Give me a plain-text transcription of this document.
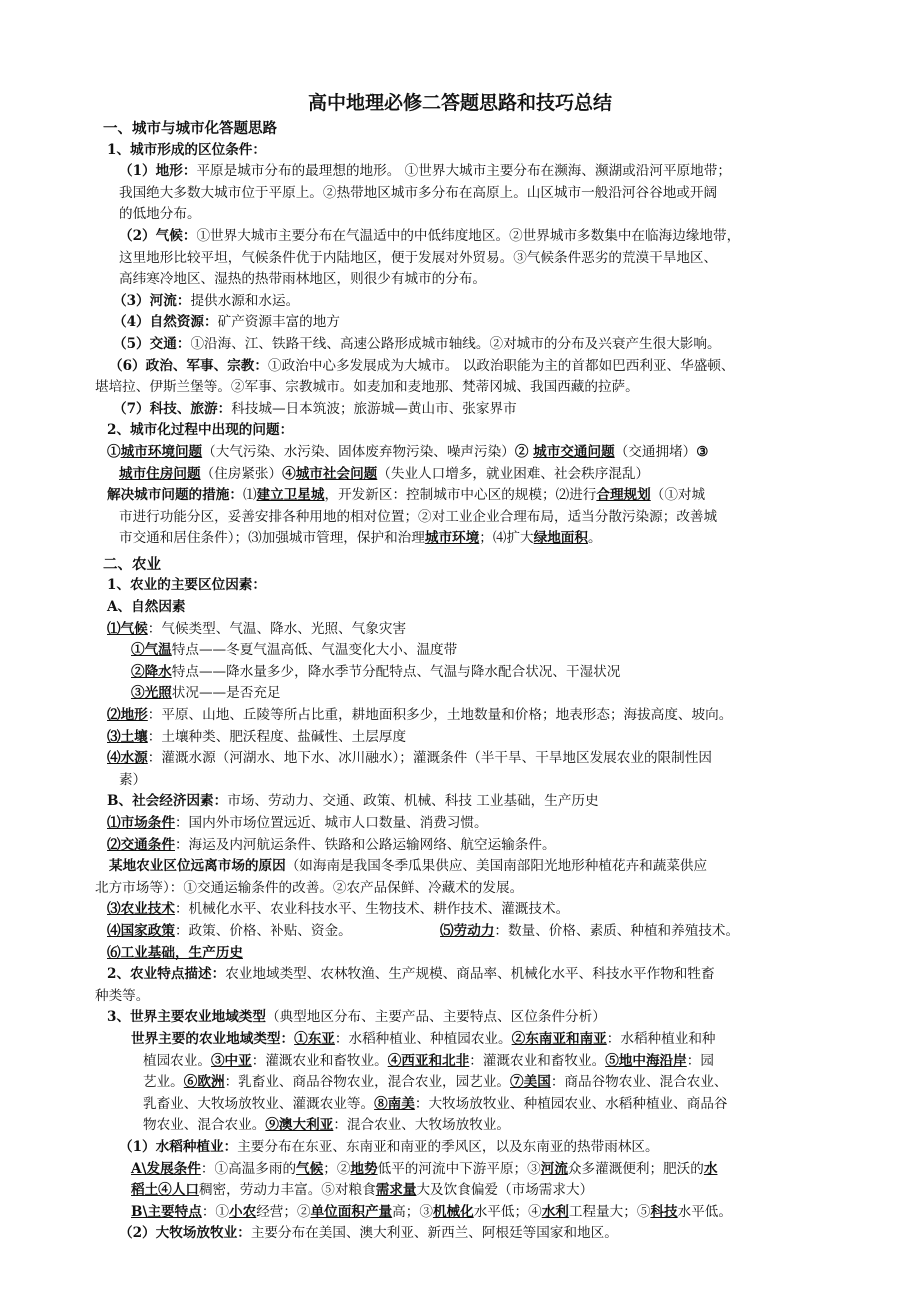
高中地理必修二答题思路和技巧总结
一、城市与城市化答题思路
1、城市形成的区位条件：
（1）地形：平原是城市分布的最理想的地形。 ①世界大城市主要分布在濒海、濒湖或沿河平原地带；
我国绝大多数大城市位于平原上。②热带地区城市多分布在高原上。山区城市一般沿河谷谷地或开阔
的低地分布。
（2）气候：①世界大城市主要分布在气温适中的中低纬度地区。②世界城市多数集中在临海边缘地带，
这里地形比较平坦，气候条件优于内陆地区，便于发展对外贸易。③气候条件恶劣的荒漠干旱地区、
高纬寒冷地区、湿热的热带雨林地区，则很少有城市的分布。
（3）河流：提供水源和水运。
（4）自然资源：矿产资源丰富的地方
（5）交通：①沿海、江、铁路干线、高速公路形成城市轴线。②对城市的分布及兴衰产生很大影响。
（6）政治、军事、宗教：①政治中心多发展成为大城市。 以政治职能为主的首都如巴西利亚、华盛顿、
堪培拉、伊斯兰堡等。②军事、宗教城市。如麦加和麦地那、梵蒂冈城、我国西藏的拉萨。
（7）科技、旅游：科技城—日本筑波；旅游城—黄山市、张家界市
2、城市化过程中出现的问题：
①城市环境问题（大气污染、水污染、固体废弃物污染、噪声污染）② 城市交通问题（交通拥堵）③
城市住房问题（住房紧张）④城市社会问题（失业人口增多，就业困难、社会秩序混乱）
解决城市问题的措施：⑴建立卫星城，开发新区：控制城市中心区的规模；⑵进行合理规划（①对城
市进行功能分区，妥善安排各种用地的相对位置；②对工业企业合理布局，适当分散污染源；改善城
市交通和居住条件）；⑶加强城市管理，保护和治理城市环境；⑷扩大绿地面积。
二、农业
1、农业的主要区位因素：
A、自然因素
⑴气候：气候类型、气温、降水、光照、气象灾害
①气温特点——冬夏气温高低、气温变化大小、温度带
②降水特点——降水量多少，降水季节分配特点、气温与降水配合状况、干湿状况
③光照状况——是否充足
⑵地形：平原、山地、丘陵等所占比重，耕地面积多少，土地数量和价格；地表形态；海拔高度、坡向。
⑶土壤：土壤种类、肥沃程度、盐碱性、土层厚度
⑷水源：灌溉水源（河湖水、地下水、冰川融水）；灌溉条件（半干旱、干旱地区发展农业的限制性因
素）
B、社会经济因素：市场、劳动力、交通、政策、机械、科技 工业基础，生产历史
⑴市场条件：国内外市场位置远近、城市人口数量、消费习惯。
⑵交通条件：海运及内河航运条件、铁路和公路运输网络、航空运输条件。
某地农业区位远离市场的原因（如海南是我国冬季瓜果供应、美国南部阳光地形种植花卉和蔬菜供应
北方市场等）：①交通运输条件的改善。②农产品保鲜、冷藏术的发展。
⑶农业技术：机械化水平、农业科技水平、生物技术、耕作技术、灌溉技术。
⑷国家政策：政策、价格、补贴、资金。　　　　　　　	⑸劳动力：数量、价格、素质、种植和养殖技术。
⑹工业基础，生产历史
2、农业特点描述：农业地域类型、农林牧渔、生产规模、商品率、机械化水平、科技水平作物和牲畜
种类等。
3、世界主要农业地域类型（典型地区分布、主要产品、主要特点、区位条件分析）
世界主要的农业地域类型：①东亚：水稻种植业、种植园农业。②东南亚和南亚：水稻种植业和种
植园农业。③中亚：灌溉农业和畜牧业。④西亚和北非：灌溉农业和畜牧业。⑤地中海沿岸：园
艺业。⑥欧洲：乳畜业、商品谷物农业，混合农业，园艺业。⑦美国：商品谷物农业、混合农业、
乳畜业、大牧场放牧业、灌溉农业等。⑧南美：大牧场放牧业、种植园农业、水稻种植业、商品谷
物农业、混合农业。⑨澳大利亚：混合农业、大牧场放牧业。
（1）水稻种植业：主要分布在东亚、东南亚和南亚的季风区，以及东南亚的热带雨林区。
A\发展条件：①高温多雨的气候；②地势低平的河流中下游平原；③河流众多灌溉便利；肥沃的水
稻土④人口稠密，劳动力丰富。⑤对粮食需求量大及饮食偏爱（市场需求大）
B\主要特点：①小农经营；②单位面积产量高；③机械化水平低；④水利工程量大；⑤科技水平低。
（2）大牧场放牧业：主要分布在美国、澳大利亚、新西兰、阿根廷等国家和地区。
